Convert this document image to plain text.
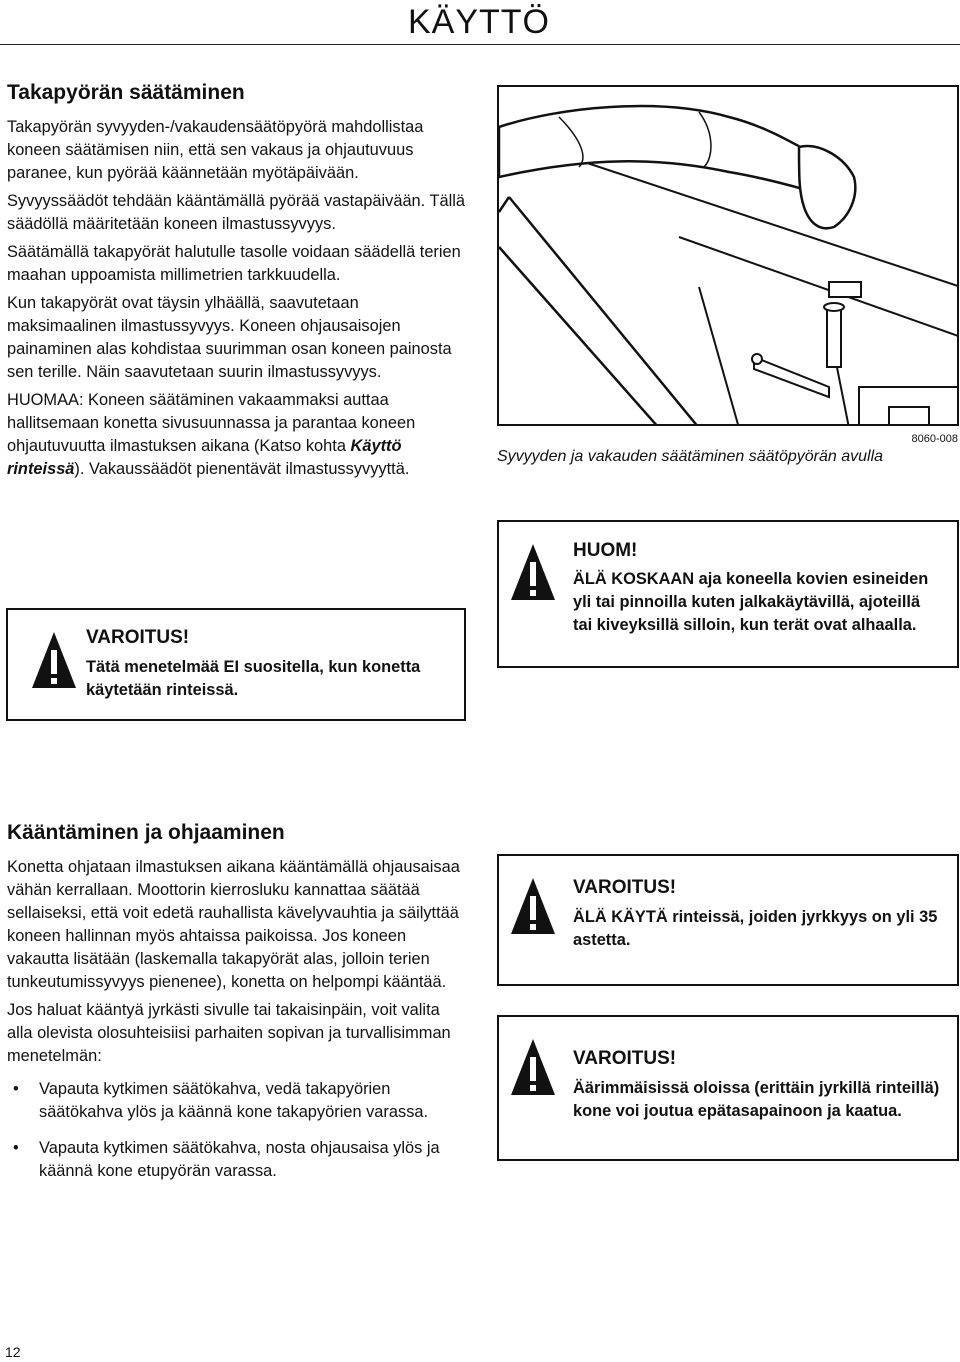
KÄYTTÖ
Takapyörän säätäminen

Takapyörän syvyyden-/vakaudensäätöpyörä mahdollistaa koneen säätämisen niin, että sen vakaus ja ohjautuvuus paranee, kun pyörää käännetään myötäpäivään.

Syvyyssäädöt tehdään kääntämällä pyörää vastapäivään. Tällä säädöllä määritetään koneen ilmastussyvyys.

Säätämällä takapyörät halutulle tasolle voidaan säädellä terien maahan uppoamista millimetrien tarkkuudella.

Kun takapyörät ovat täysin ylhäällä, saavutetaan maksimaalinen ilmastussyvyys. Koneen ohjausaisojen painaminen alas kohdistaa suurimman osan koneen painosta sen terille. Näin saavutetaan suurin ilmastussyvyys.

HUOMAA: Koneen säätäminen vakaammaksi auttaa hallitsemaan konetta sivusuunnassa ja parantaa koneen ohjautuvuutta ilmastuksen aikana (Katso kohta Käyttö rinteissä). Vakaussäädöt pienentävät ilmastussyvyyttä.

VAROITUS!
Tätä menetelmää EI suositella, kun konetta käytetään rinteissä.
8060-008
Syvyyden ja vakauden säätäminen säätöpyörän avulla
HUOM!
ÄLÄ KOSKAAN aja koneella kovien esineiden yli tai pinnoilla kuten jalkakäytävillä, ajoteillä tai kiveyksillä silloin, kun terät ovat alhaalla.
Kääntäminen ja ohjaaminen

Konetta ohjataan ilmastuksen aikana kääntämällä ohjausaisaa vähän kerrallaan. Moottorin kierrosluku kannattaa säätää sellaiseksi, että voit edetä rauhallista kävelyvauhtia ja säilyttää koneen hallinnan myös ahtaissa paikoissa. Jos koneen vakautta lisätään (laskemalla takapyörät alas, jolloin terien tunkeutumissyvyys pienenee), konetta on helpompi kääntää.

Jos haluat kääntyä jyrkästi sivulle tai takaisinpäin, voit valita alla olevista olosuhteisiisi parhaiten sopivan ja turvallisimman menetelmän:

• Vapauta kytkimen säätökahva, vedä takapyörien säätökahva ylös ja käännä kone takapyörien varassa.
• Vapauta kytkimen säätökahva, nosta ohjausaisa ylös ja käännä kone etupyörän varassa.
VAROITUS!
ÄLÄ KÄYTÄ rinteissä, joiden jyrkkyys on yli 35 astetta.
VAROITUS!
Äärimmäisissä oloissa (erittäin jyrkillä rinteillä) kone voi joutua epätasapainoon ja kaatua.
12
